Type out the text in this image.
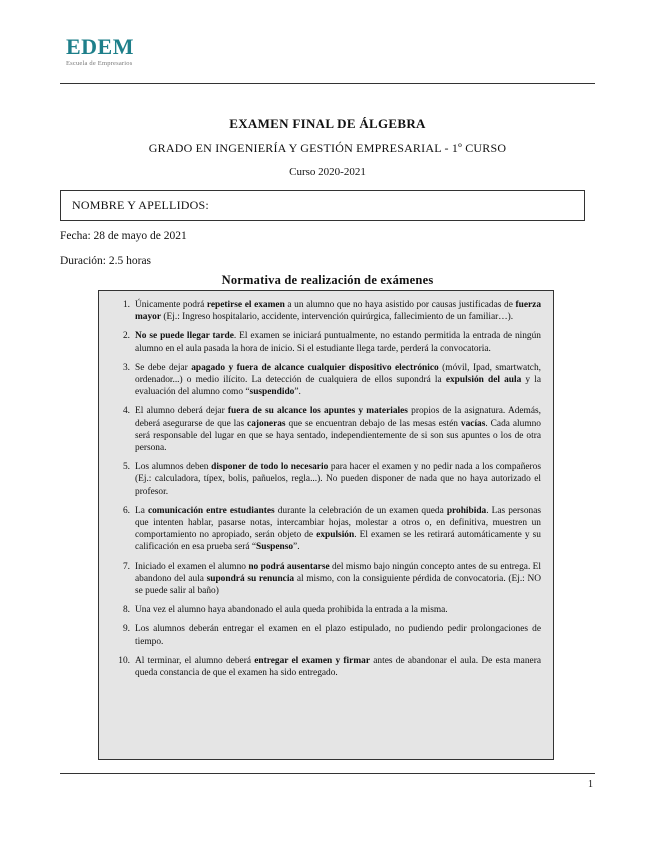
EDEM
Escuela de Empresarios
EXAMEN FINAL DE ÁLGEBRA
GRADO EN INGENIERÍA Y GESTIÓN EMPRESARIAL - 1º CURSO
Curso 2020-2021
NOMBRE Y APELLIDOS:
Fecha: 28 de mayo de 2021
Duración: 2.5 horas
Normativa de realización de exámenes
1. Únicamente podrá repetirse el examen a un alumno que no haya asistido por causas justificadas de fuerza mayor (Ej.: Ingreso hospitalario, accidente, intervención quirúrgica, fallecimiento de un familiar…).
2. No se puede llegar tarde. El examen se iniciará puntualmente, no estando permitida la entrada de ningún alumno en el aula pasada la hora de inicio. Si el estudiante llega tarde, perderá la convocatoria.
3. Se debe dejar apagado y fuera de alcance cualquier dispositivo electrónico (móvil, Ipad, smartwatch, ordenador...) o medio ilícito. La detección de cualquiera de ellos supondrá la expulsión del aula y la evaluación del alumno como “suspendido”.
4. El alumno deberá dejar fuera de su alcance los apuntes y materiales propios de la asignatura. Además, deberá asegurarse de que las cajoneras que se encuentran debajo de las mesas estén vacías. Cada alumno será responsable del lugar en que se haya sentado, independientemente de si son sus apuntes o los de otra persona.
5. Los alumnos deben disponer de todo lo necesario para hacer el examen y no pedir nada a los compañeros (Ej.: calculadora, típex, bolis, pañuelos, regla...). No pueden disponer de nada que no haya autorizado el profesor.
6. La comunicación entre estudiantes durante la celebración de un examen queda prohibida. Las personas que intenten hablar, pasarse notas, intercambiar hojas, molestar a otros o, en definitiva, muestren un comportamiento no apropiado, serán objeto de expulsión. El examen se les retirará automáticamente y su calificación en esa prueba será “Suspenso”.
7. Iniciado el examen el alumno no podrá ausentarse del mismo bajo ningún concepto antes de su entrega. El abandono del aula supondrá su renuncia al mismo, con la consiguiente pérdida de convocatoria. (Ej.: NO se puede salir al baño)
8. Una vez el alumno haya abandonado el aula queda prohibida la entrada a la misma.
9. Los alumnos deberán entregar el examen en el plazo estipulado, no pudiendo pedir prolongaciones de tiempo.
10. Al terminar, el alumno deberá entregar el examen y firmar antes de abandonar el aula. De esta manera queda constancia de que el examen ha sido entregado.
1
